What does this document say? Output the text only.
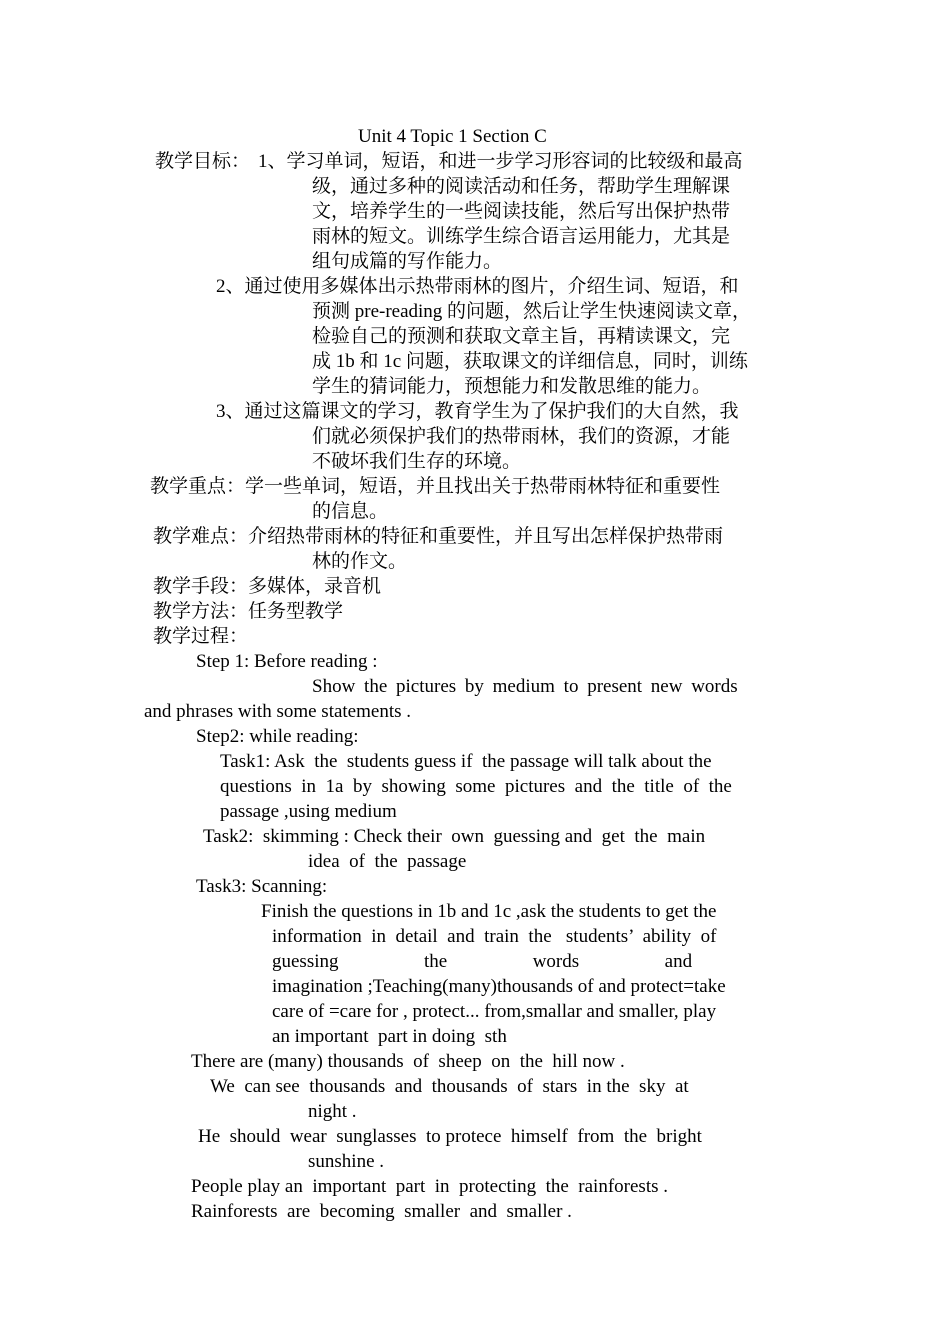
Unit 4 Topic 1 Section C
教学目标： 1、学习单词，短语，和进一步学习形容词的比较级和最高
级，通过多种的阅读活动和任务，帮助学生理解课
文，培养学生的一些阅读技能，然后写出保护热带
雨林的短文。训练学生综合语言运用能力，尤其是
组句成篇的写作能力。
2、通过使用多媒体出示热带雨林的图片，介绍生词、短语，和
预测 pre-reading 的问题，然后让学生快速阅读文章，
检验自己的预测和获取文章主旨，再精读课文，完
成 1b 和 1c 问题，获取课文的详细信息，同时，训练
学生的猜词能力，预想能力和发散思维的能力。
3、通过这篇课文的学习，教育学生为了保护我们的大自然，我
们就必须保护我们的热带雨林，我们的资源，才能
不破坏我们生存的环境。
教学重点：学一些单词，短语，并且找出关于热带雨林特征和重要性
的信息。
教学难点：介绍热带雨林的特征和重要性，并且写出怎样保护热带雨
林的作文。
教学手段：多媒体，录音机
教学方法：任务型教学
教学过程：
Step 1: Before reading :
Show the pictures by medium to present new words
and phrases with some statements .
Step2: while reading:
Task1: Ask  the  students guess if  the passage will talk about the
questions  in  1a  by  showing  some  pictures  and  the  title  of  the
passage ,using medium
Task2:  skimming : Check their  own  guessing and  get  the  main
idea  of  the  passage
Task3: Scanning:
Finish the questions in 1b and 1c ,ask the students to get the
information  in  detail  and  train  the   students’  ability  of
guessing                  the                  words                  and
imagination ;Teaching(many)thousands of and protect=take
care of =care for , protect... from,smallar and smaller, play
an important  part in doing  sth
There are (many) thousands  of  sheep  on  the  hill now .
We  can see  thousands  and  thousands  of  stars  in the  sky  at
night .
He  should  wear  sunglasses  to protece  himself  from  the  bright
sunshine .
People play an  important  part  in  protecting  the  rainforests .
Rainforests  are  becoming  smaller  and  smaller .
